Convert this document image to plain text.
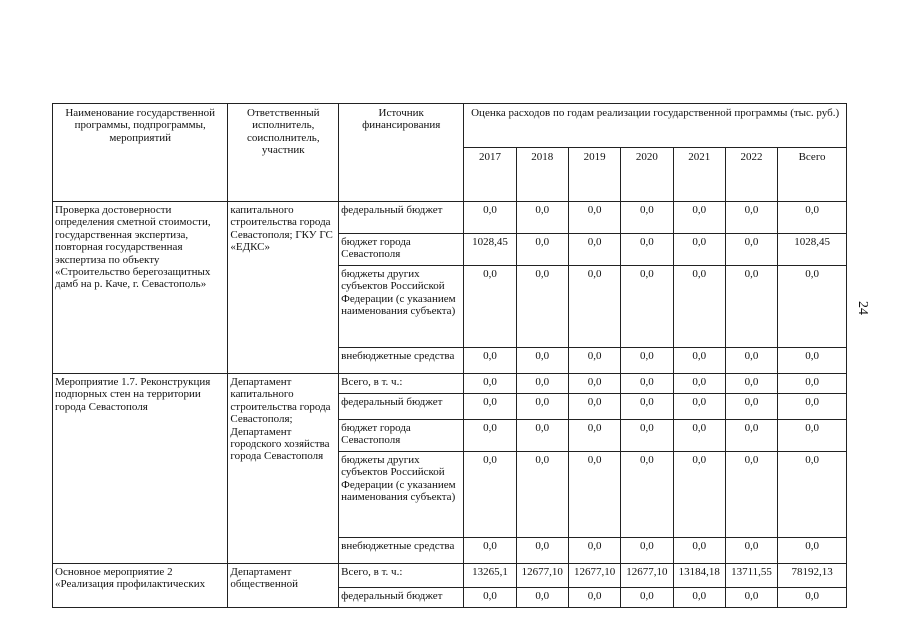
24
Наименование государственной программы, подпрограммы, мероприятий	Ответственный исполнитель, соисполнитель, участник	Источник финансирования	Оценка расходов по годам реализации государственной программы (тыс. руб.)						
			2017	2018	2019	2020	2021	2022	Всего
Проверка достоверности определения сметной стоимости, государственная экспертиза, повторная государственная экспертиза по объекту «Строительство берегозащитных дамб на р. Каче, г. Севастополь»	капитального строительства города Севастополя; ГКУ ГС «ЕДКС»	федеральный бюджет	0,0	0,0	0,0	0,0	0,0	0,0	0,0
		бюджет города Севастополя	1028,45	0,0	0,0	0,0	0,0	0,0	1028,45
		бюджеты других субъектов Российской Федерации (с указанием наименования субъекта)	0,0	0,0	0,0	0,0	0,0	0,0	0,0
		внебюджетные средства	0,0	0,0	0,0	0,0	0,0	0,0	0,0
Мероприятие 1.7. Реконструкция подпорных стен на территории города Севастополя	Департамент капитального строительства города Севастополя; Департамент городского хозяйства города Севастополя	Всего, в т. ч.:	0,0	0,0	0,0	0,0	0,0	0,0	0,0
		федеральный бюджет	0,0	0,0	0,0	0,0	0,0	0,0	0,0
		бюджет города Севастополя	0,0	0,0	0,0	0,0	0,0	0,0	0,0
		бюджеты других субъектов Российской Федерации (с указанием наименования субъекта)	0,0	0,0	0,0	0,0	0,0	0,0	0,0
		внебюджетные средства	0,0	0,0	0,0	0,0	0,0	0,0	0,0
Основное мероприятие 2 «Реализация профилактических	Департамент общественной	Всего, в т. ч.:	13265,1	12677,10	12677,10	12677,10	13184,18	13711,55	78192,13
		федеральный бюджет	0,0	0,0	0,0	0,0	0,0	0,0	0,0
